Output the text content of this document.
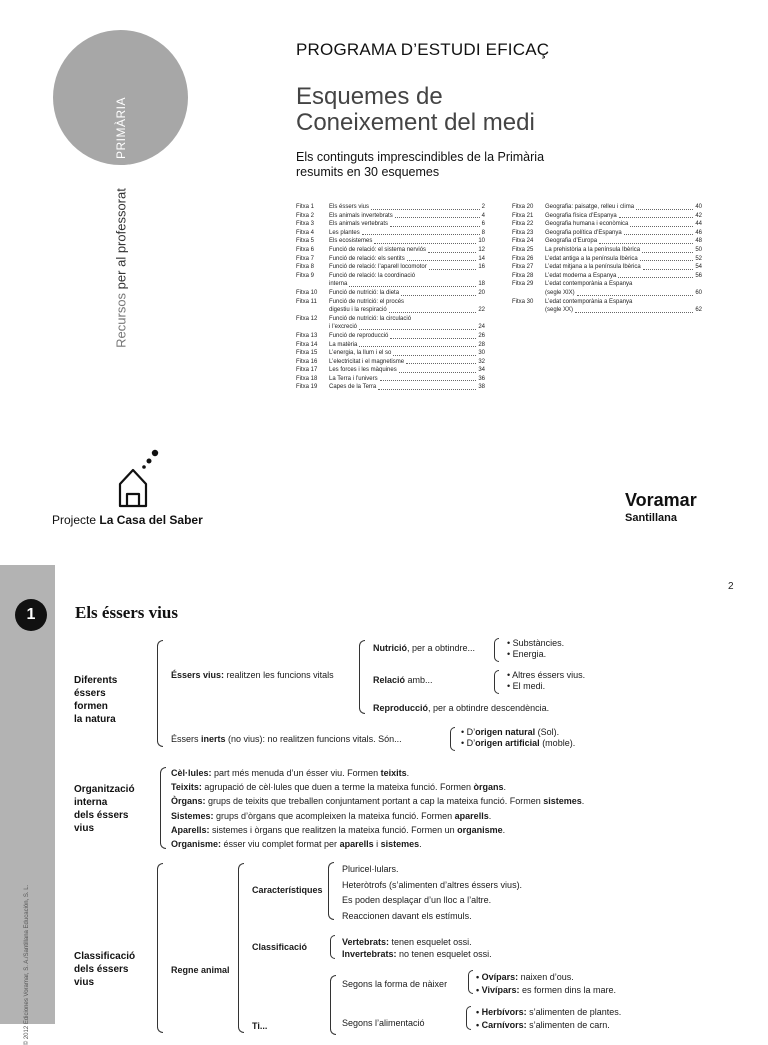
PRIMÀRIA
Recursos per al professorat
PROGRAMA D’ESTUDI EFICAÇ
Esquemes de
Coneixement del medi
Els continguts imprescindibles de la Primària
resumits en 30 esquemes
Fitxa 1	Els éssers vius	2
Fitxa 2	Els animals invertebrats	4
Fitxa 3	Els animals vertebrats	6
Fitxa 4	Les plantes	8
Fitxa 5	Els ecosistemes	10
Fitxa 6	Funció de relació: el sistema nerviós	12
Fitxa 7	Funció de relació: els sentits	14
Fitxa 8	Funció de relació: l’aparell locomotor	16
Fitxa 9	Funció de relació: la coordinació
interna	18
Fitxa 10	Funció de nutrició: la dieta	20
Fitxa 11	Funció de nutrició: el procés
digestiu i la respiració	22
Fitxa 12	Funció de nutrició: la circulació
i l’excreció	24
Fitxa 13	Funció de reproducció	26
Fitxa 14	La matèria	28
Fitxa 15	L’energia, la llum i el so	30
Fitxa 16	L’electricitat i el magnetisme	32
Fitxa 17	Les forces i les màquines	34
Fitxa 18	La Terra i l’univers	36
Fitxa 19	Capes de la Terra	38
Fitxa 20	Geografia: paisatge, relleu i clima	40
Fitxa 21	Geografia física d’Espanya	42
Fitxa 22	Geografia humana i econòmica	44
Fitxa 23	Geografia política d’Espanya	46
Fitxa 24	Geografia d’Europa	48
Fitxa 25	La prehistòria a la península Ibèrica	50
Fitxa 26	L’edat antiga a la península Ibèrica	52
Fitxa 27	L’edat mitjana a la península Ibèrica	54
Fitxa 28	L’edat moderna a Espanya	56
Fitxa 29	L’edat contemporània a Espanya
(segle XIX)	60
Fitxa 30	L’edat contemporània a Espanya
(segle XX)	62
Projecte La Casa del Saber
Voramar
Santillana
© 2012 Ediciones Voramar, S. A./Santillana Educación, S. L.
1
2
Els éssers vius
Diferents
éssers
formen
la natura
Éssers vius: realitzen les funcions vitals
Nutrició, per a obtindre...	• Substàncies.
• Energia.
Relació amb...	• Altres éssers vius.
• El medi.
Reproducció, per a obtindre descendència.
Éssers inerts (no vius): no realitzen funcions vitals. Són...
• D’origen natural (Sol).
• D’origen artificial (moble).
Organització
interna
dels éssers
vius
Cèl·lules: part més menuda d’un ésser viu. Formen teixits.
Teixits: agrupació de cèl·lules que duen a terme la mateixa funció. Formen òrgans.
Òrgans: grups de teixits que treballen conjuntament portant a cap la mateixa funció. Formen sistemes.
Sistemes: grups d’òrgans que acompleixen la mateixa funció. Formen aparells.
Aparells: sistemes i òrgans que realitzen la mateixa funció. Formen un organisme.
Organisme: ésser viu complet format per aparells i sistemes.
Classificació
dels éssers
vius
Regne animal
Característiques
Pluricel·lulars.
Heteròtrofs (s’alimenten d’altres éssers vius).
Es poden desplaçar d’un lloc a l’altre.
Reaccionen davant els estímuls.
Classificació	Vertebrats: tenen esquelet ossi.
Invertebrats: no tenen esquelet ossi.
Ti...
Segons la forma de nàixer
• Ovípars: naixen d’ous.
• Vivípars: es formen dins la mare.
Segons l’alimentació
• Herbívors: s’alimenten de plantes.
• Carnívors: s’alimenten de carn.
